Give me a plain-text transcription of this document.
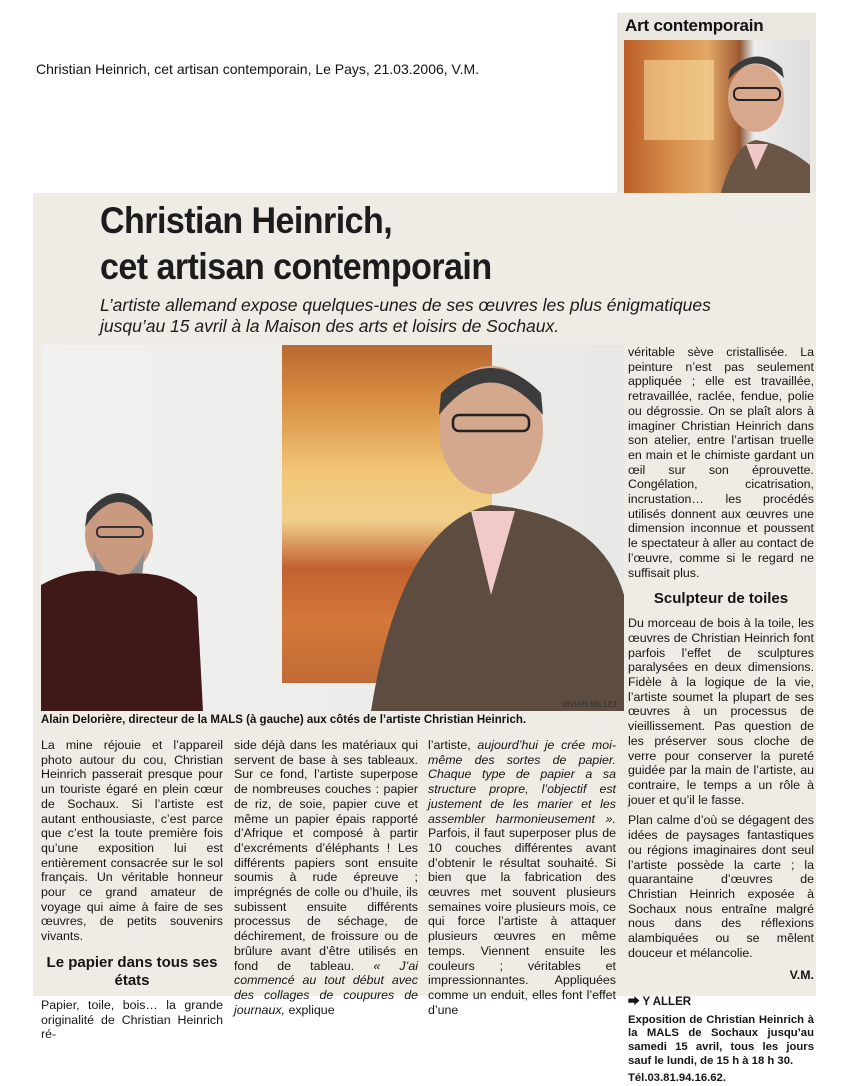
Christian Heinrich, cet artisan contemporain, Le Pays, 21.03.2006, V.M.
Art contemporain
Christian Heinrich,
cet artisan contemporain
L’artiste allemand expose quelques-unes de ses œuvres les plus énigmatiques jusqu’au 15 avril à la Maison des arts et loisirs de Sochaux.
VIVIAN MILLET
Alain Delorière, directeur de la MALS (à gauche) aux côtés de l’artiste Christian Heinrich.

La mine réjouie et l’appareil photo autour du cou, Christian Heinrich passerait presque pour un touriste égaré en plein cœur de Sochaux. Si l’artiste est autant enthousiaste, c’est parce que c’est la toute première fois qu’une exposition lui est entièrement consacrée sur le sol français. Un véritable honneur pour ce grand amateur de voyage qui aime à faire de ses œuvres, de petits souvenirs vivants.

Le papier dans tous ses états

Papier, toile, bois… la grande originalité de Christian Heinrich ré-

side déjà dans les matériaux qui servent de base à ses tableaux. Sur ce fond, l’artiste superpose de nombreuses couches : papier de riz, de soie, papier cuve et même un papier épais rapporté d’Afrique et composé à partir d’excréments d’éléphants ! Les différents papiers sont ensuite soumis à rude épreuve ; imprégnés de colle ou d’huile, ils subissent ensuite différents processus de séchage, de déchirement, de froissure ou de brûlure avant d’être utilisés en fond de tableau. « J’ai commencé au tout début avec des collages de coupures de journaux, explique

l’artiste, aujourd’hui je crée moi-même des sortes de papier. Chaque type de papier a sa structure propre, l’objectif est justement de les marier et les assembler harmonieusement ». Parfois, il faut superposer plus de 10 couches différentes avant d’obtenir le résultat souhaité. Si bien que la fabrication des œuvres met souvent plusieurs semaines voire plusieurs mois, ce qui force l’artiste à attaquer plusieurs œuvres en même temps. Viennent ensuite les couleurs ; véritables et impressionnantes. Appliquées comme un enduit, elles font l’effet d’une

véritable sève cristallisée. La peinture n’est pas seulement appliquée ; elle est travaillée, retravaillée, raclée, fendue, polie ou dégrossie. On se plaît alors à imaginer Christian Heinrich dans son atelier, entre l’artisan truelle en main et le chimiste gardant un œil sur son éprouvette. Congélation, cicatrisation, incrustation… les procédés utilisés donnent aux œuvres une dimension inconnue et poussent le spectateur à aller au contact de l’œuvre, comme si le regard ne suffisait plus.

Sculpteur de toiles

Du morceau de bois à la toile, les œuvres de Christian Heinrich font parfois l’effet de sculptures paralysées en deux dimensions. Fidèle à la logique de la vie, l’artiste soumet la plupart de ses œuvres à un processus de vieillissement. Pas question de les préserver sous cloche de verre pour conserver la pureté guidée par la main de l’artiste, au contraire, le temps a un rôle à jouer et qu’il le fasse.

Plan calme d’où se dégagent des idées de paysages fantastiques ou régions imaginaires dont seul l’artiste possède la carte ; la quarantaine d’œuvres de Christian Heinrich exposée à Sochaux nous entraîne malgré nous dans des réflexions alambiquées ou se mêlent douceur et mélancolie.

V.M.
⮕ Y ALLER
Exposition de Christian Heinrich à la MALS de Sochaux jusqu’au samedi 15 avril, tous les jours sauf le lundi, de 15 h à 18 h 30.
Tél.03.81.94.16.62.
